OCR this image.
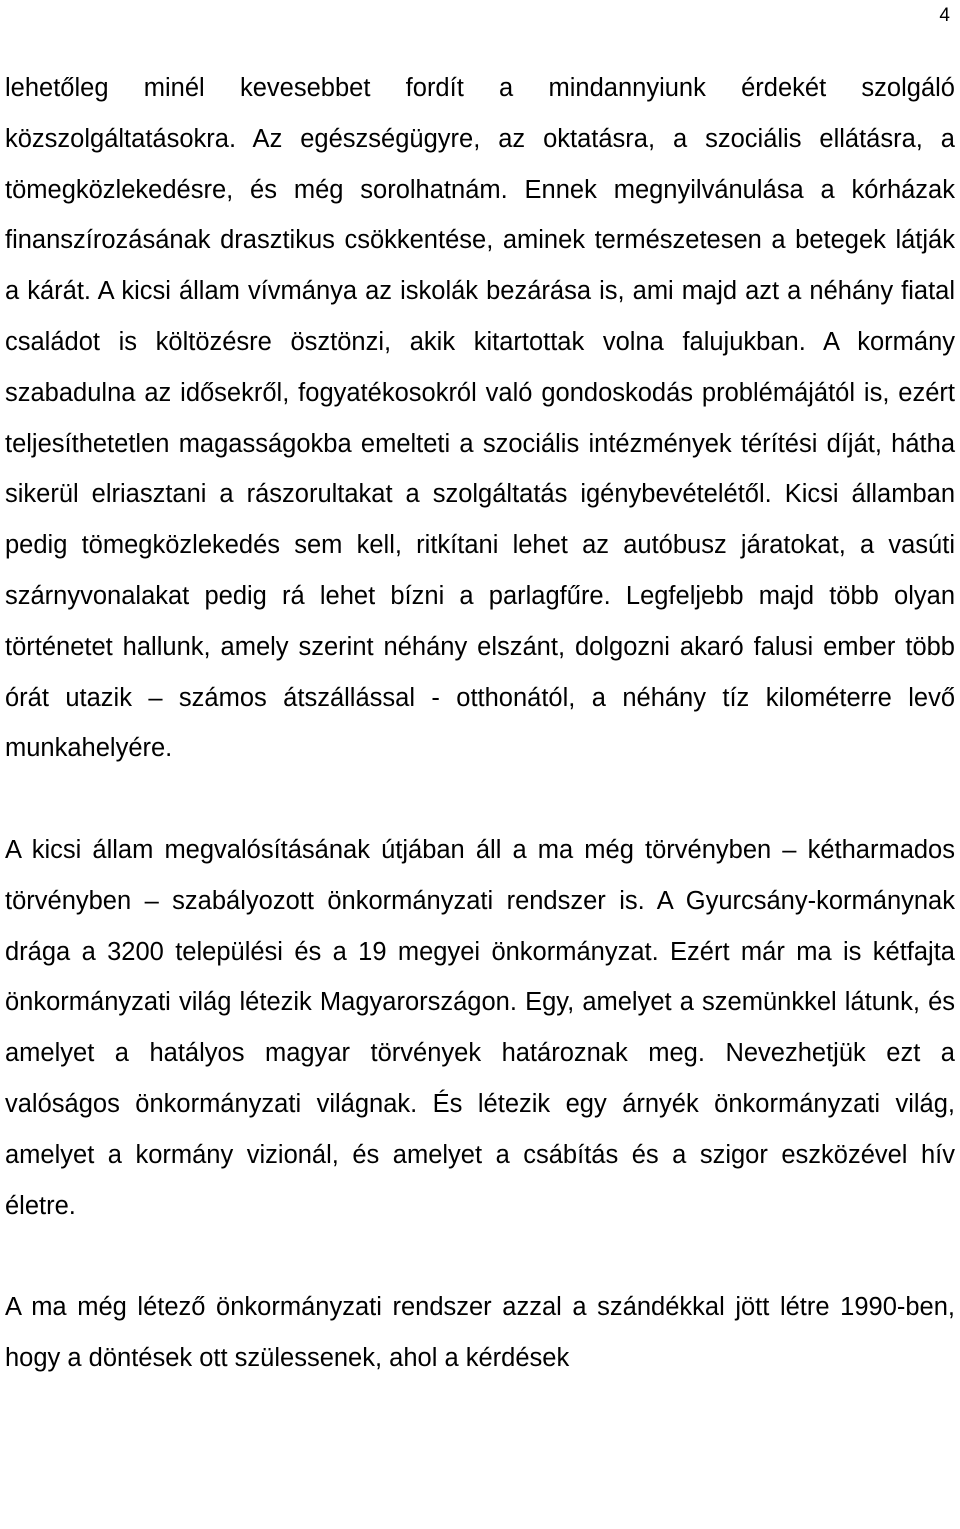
4

lehetőleg minél kevesebbet fordít a mindannyiunk érdekét szolgáló közszolgáltatásokra. Az egészségügyre, az oktatásra, a szociális ellátásra, a tömegközlekedésre, és még sorolhatnám. Ennek megnyilvánulása a kórházak finanszírozásának drasztikus csökkentése, aminek természetesen a betegek látják a kárát. A kicsi állam vívmánya az iskolák bezárása is, ami majd azt a néhány fiatal családot is költözésre ösztönzi, akik kitartottak volna falujukban. A kormány szabadulna az idősekről, fogyatékosokról való gondoskodás problémájától is, ezért teljesíthetetlen magasságokba emelteti a szociális intézmények térítési díját, hátha sikerül elriasztani a rászorultakat a szolgáltatás igénybevételétől. Kicsi államban pedig tömegközlekedés sem kell, ritkítani lehet az autóbusz járatokat, a vasúti szárnyvonalakat pedig rá lehet bízni a parlagfűre. Legfeljebb majd több olyan történetet hallunk, amely szerint néhány elszánt, dolgozni akaró falusi ember több órát utazik – számos átszállással - otthonától, a néhány tíz kilométerre levő munkahelyére.

A kicsi állam megvalósításának útjában áll a ma még törvényben – kétharmados törvényben – szabályozott önkormányzati rendszer is. A Gyurcsány-kormánynak drága a 3200 települési és a 19 megyei önkormányzat. Ezért már ma is kétfajta önkormányzati világ létezik Magyarországon. Egy, amelyet a szemünkkel látunk, és amelyet a hatályos magyar törvények határoznak meg. Nevezhetjük ezt a valóságos önkormányzati világnak. És létezik egy árnyék önkormányzati világ, amelyet a kormány vizionál, és amelyet a csábítás és a szigor eszközével hív életre.

A ma még létező önkormányzati rendszer azzal a szándékkal jött létre 1990-ben, hogy a döntések ott szülessenek, ahol a kérdések
